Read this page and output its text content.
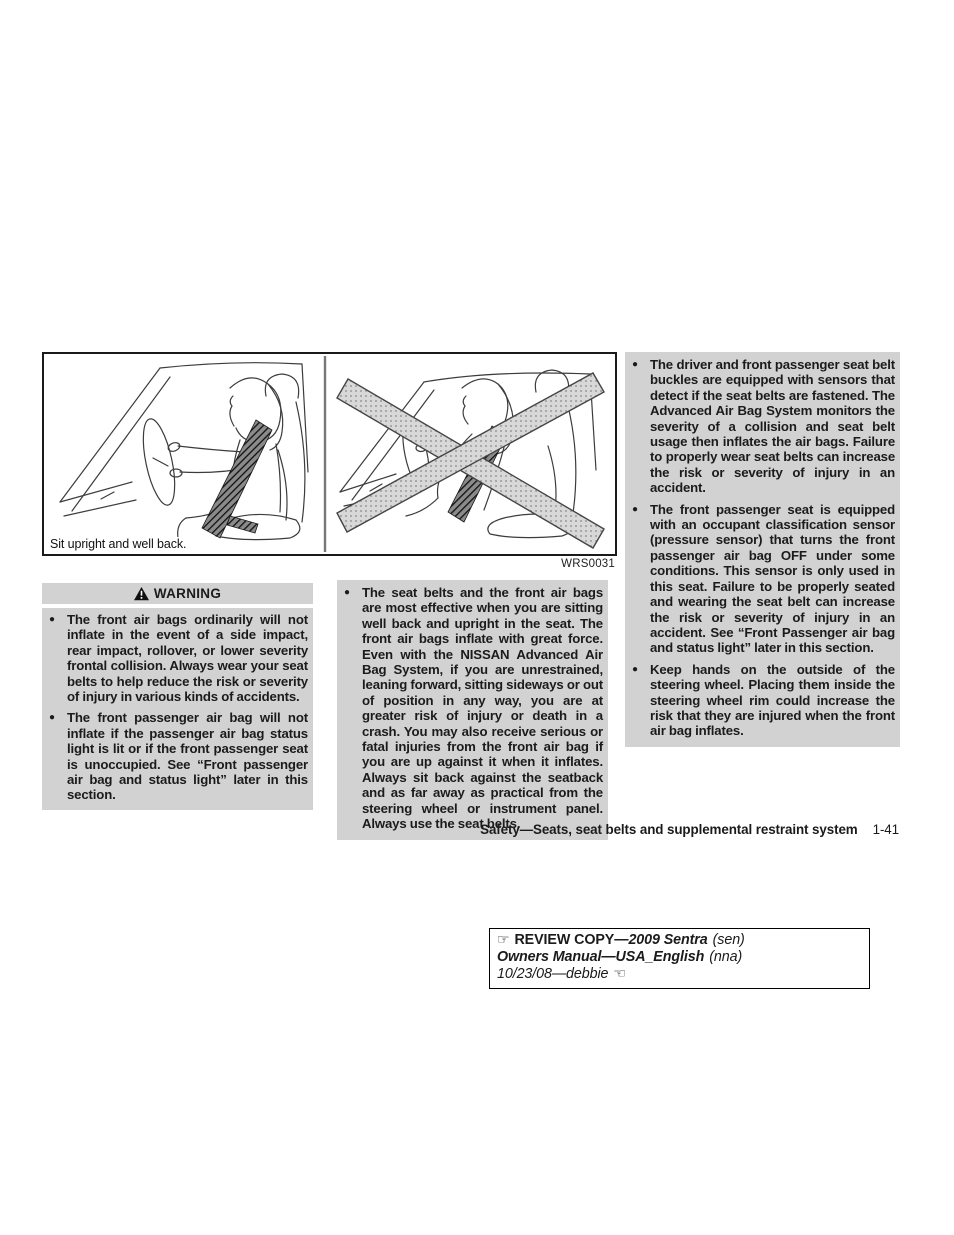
Sit upright and well back.
WRS0031
● The driver and front passenger seat belt buckles are equipped with sensors that detect if the seat belts are fastened. The Advanced Air Bag System monitors the severity of a collision and seat belt usage then inflates the air bags. Failure to properly wear seat belts can increase the risk or severity of injury in an accident.
● The front passenger seat is equipped with an occupant classification sensor (pressure sensor) that turns the front passenger air bag OFF under some conditions. This sensor is only used in this seat. Failure to be properly seated and wearing the seat belt can increase the risk or severity of injury in an accident. See “Front Passenger air bag and status light” later in this section.
● Keep hands on the outside of the steering wheel. Placing them inside the steering wheel rim could increase the risk that they are injured when the front air bag inflates.
WARNING
● The front air bags ordinarily will not inflate in the event of a side impact, rear impact, rollover, or lower severity frontal collision. Always wear your seat belts to help reduce the risk or severity of injury in various kinds of accidents.
● The front passenger air bag will not inflate if the passenger air bag status light is lit or if the front passenger seat is unoccupied. See “Front passenger air bag and status light” later in this section.
● The seat belts and the front air bags are most effective when you are sitting well back and upright in the seat. The front air bags inflate with great force. Even with the NISSAN Advanced Air Bag System, if you are unrestrained, leaning forward, sitting sideways or out of position in any way, you are at greater risk of injury or death in a crash. You may also receive serious or fatal injuries from the front air bag if you are up against it when it inflates. Always sit back against the seatback and as far away as practical from the steering wheel or instrument panel. Always use the seat belts.
Safety—Seats, seat belts and supplemental restraint system 1-41
☞ REVIEW COPY—2009 Sentra (sen)
Owners Manual—USA_English (nna)
10/23/08—debbie ☜
